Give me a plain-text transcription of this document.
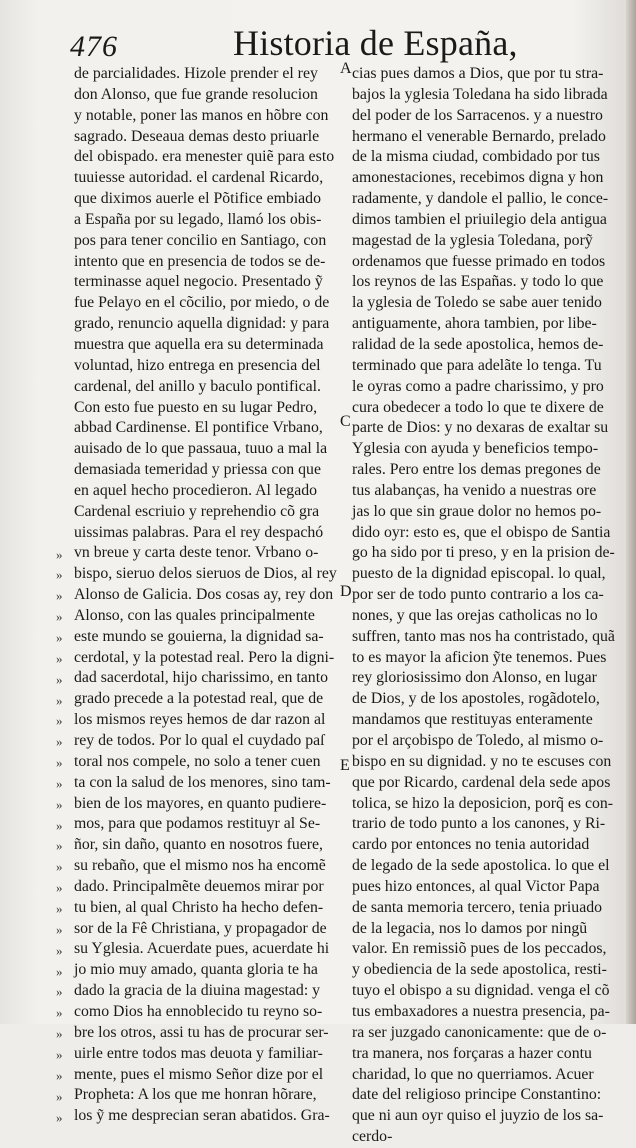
476	Historia de España,
de parcialidades. Hizole prender el rey
don Alonso, que fue grande resolucion
y notable, poner las manos en hõbre con
sagrado. Deseaua demas desto priuarle
del obispado. era menester quiẽ para esto
tuuiesse autoridad. el cardenal Ricardo,
que diximos auerle el Põtifice embiado
a España por su legado, llamó los obis-
pos para tener concilio en Santiago, con
intento que en presencia de todos se de-
terminasse aquel negocio. Presentado ỹ
fue Pelayo en el cõcilio, por miedo, o de
grado, renuncio aquella dignidad: y para
muestra que aquella era su determinada
voluntad, hizo entrega en presencia del
cardenal, del anillo y baculo pontifical.
Con esto fue puesto en su lugar Pedro,
abbad Cardinense. El pontifice Vrbano,
auisado de lo que passaua, tuuo a mal la
demasiada temeridad y priessa con que
en aquel hecho procedieron. Al legado
Cardenal escriuio y reprehendio cõ gra
uissimas palabras. Para el rey despachó
vn breue y carta deste tenor. Vrbano o-
bispo, sieruo delos sieruos de Dios, al rey
Alonso de Galicia. Dos cosas ay, rey don
Alonso, con las quales principalmente
este mundo se gouierna, la dignidad sa-
cerdotal, y la potestad real. Pero la digni-
dad sacerdotal, hijo charissimo, en tanto
grado precede a la potestad real, que de
los mismos reyes hemos de dar razon al
rey de todos. Por lo qual el cuydado paſ
toral nos compele, no solo a tener cuen
ta con la salud de los menores, sino tam-
bien de los mayores, en quanto pudiere-
mos, para que podamos restituyr al Se-
ñor, sin daño, quanto en nosotros fuere,
su rebaño, que el mismo nos ha encomẽ
dado. Principalmẽte deuemos mirar por
tu bien, al qual Christo ha hecho defen-
sor de la Fê Christiana, y propagador de
su Yglesia. Acuerdate pues, acuerdate hi
jo mio muy amado, quanta gloria te ha
dado la gracia de la diuina magestad: y
como Dios ha ennoblecido tu reyno so-
bre los otros, assi tu has de procurar ser-
uirle entre todos mas deuota y familiar-
mente, pues el mismo Señor dize por el
Propheta: A los que me honran hõrare,
los ỹ me desprecian seran abatidos. Gra-
cias pues damos a Dios, que por tu stra-
bajos la yglesia Toledana ha sido librada
del poder de los Sarracenos. y a nuestro
hermano el venerable Bernardo, prelado
de la misma ciudad, combidado por tus
amonestaciones, recebimos digna y hon
radamente, y dandole el pallio, le conce-
dimos tambien el priuilegio dela antigua
magestad de la yglesia Toledana, porỹ
ordenamos que fuesse primado en todos
los reynos de las Españas. y todo lo que
la yglesia de Toledo se sabe auer tenido
antiguamente, ahora tambien, por libe-
ralidad de la sede apostolica, hemos de-
terminado que para adelãte lo tenga. Tu
le oyras como a padre charissimo, y pro
cura obedecer a todo lo que te dixere de
parte de Dios: y no dexaras de exaltar su
Yglesia con ayuda y beneficios tempo-
rales. Pero entre los demas pregones de
tus alabanças, ha venido a nuestras ore
jas lo que sin graue dolor no hemos po-
dido oyr: esto es, que el obispo de Santia
go ha sido por ti preso, y en la prision de-
puesto de la dignidad episcopal. lo qual,
por ser de todo punto contrario a los ca-
nones, y que las orejas catholicas no lo
suffren, tanto mas nos ha contristado, quã
to es mayor la aficion ỹte tenemos. Pues
rey gloriosissimo don Alonso, en lugar
de Dios, y de los apostoles, rogãdotelo,
mandamos que restituyas enteramente
por el arçobispo de Toledo, al mismo o-
bispo en su dignidad. y no te escuses con
que por Ricardo, cardenal dela sede apos
tolica, se hizo la deposicion, porq̃ es con-
trario de todo punto a los canones, y Ri-
cardo por entonces no tenia autoridad
de legado de la sede apostolica. lo que el
pues hizo entonces, al qual Victor Papa
de santa memoria tercero, tenia priuado
de la legacia, nos lo damos por ningũ
valor. En remissiõ pues de los peccados,
y obediencia de la sede apostolica, resti-
tuyo el obispo a su dignidad. venga el cõ
tus embaxadores a nuestra presencia, pa-
ra ser juzgado canonicamente: que de o-
tra manera, nos forçaras a hazer contu
charidad, lo que no querriamos. Acuer
date del religioso principe Constantino:
que ni aun oyr quiso el juyzio de los sa-
cerdo-
A
C
D
E
»
»
»
»
»
»
»
»
»
»
»
»
»
»
»
»
»
»
»
»
»
»
»
»
»
»
»
»
